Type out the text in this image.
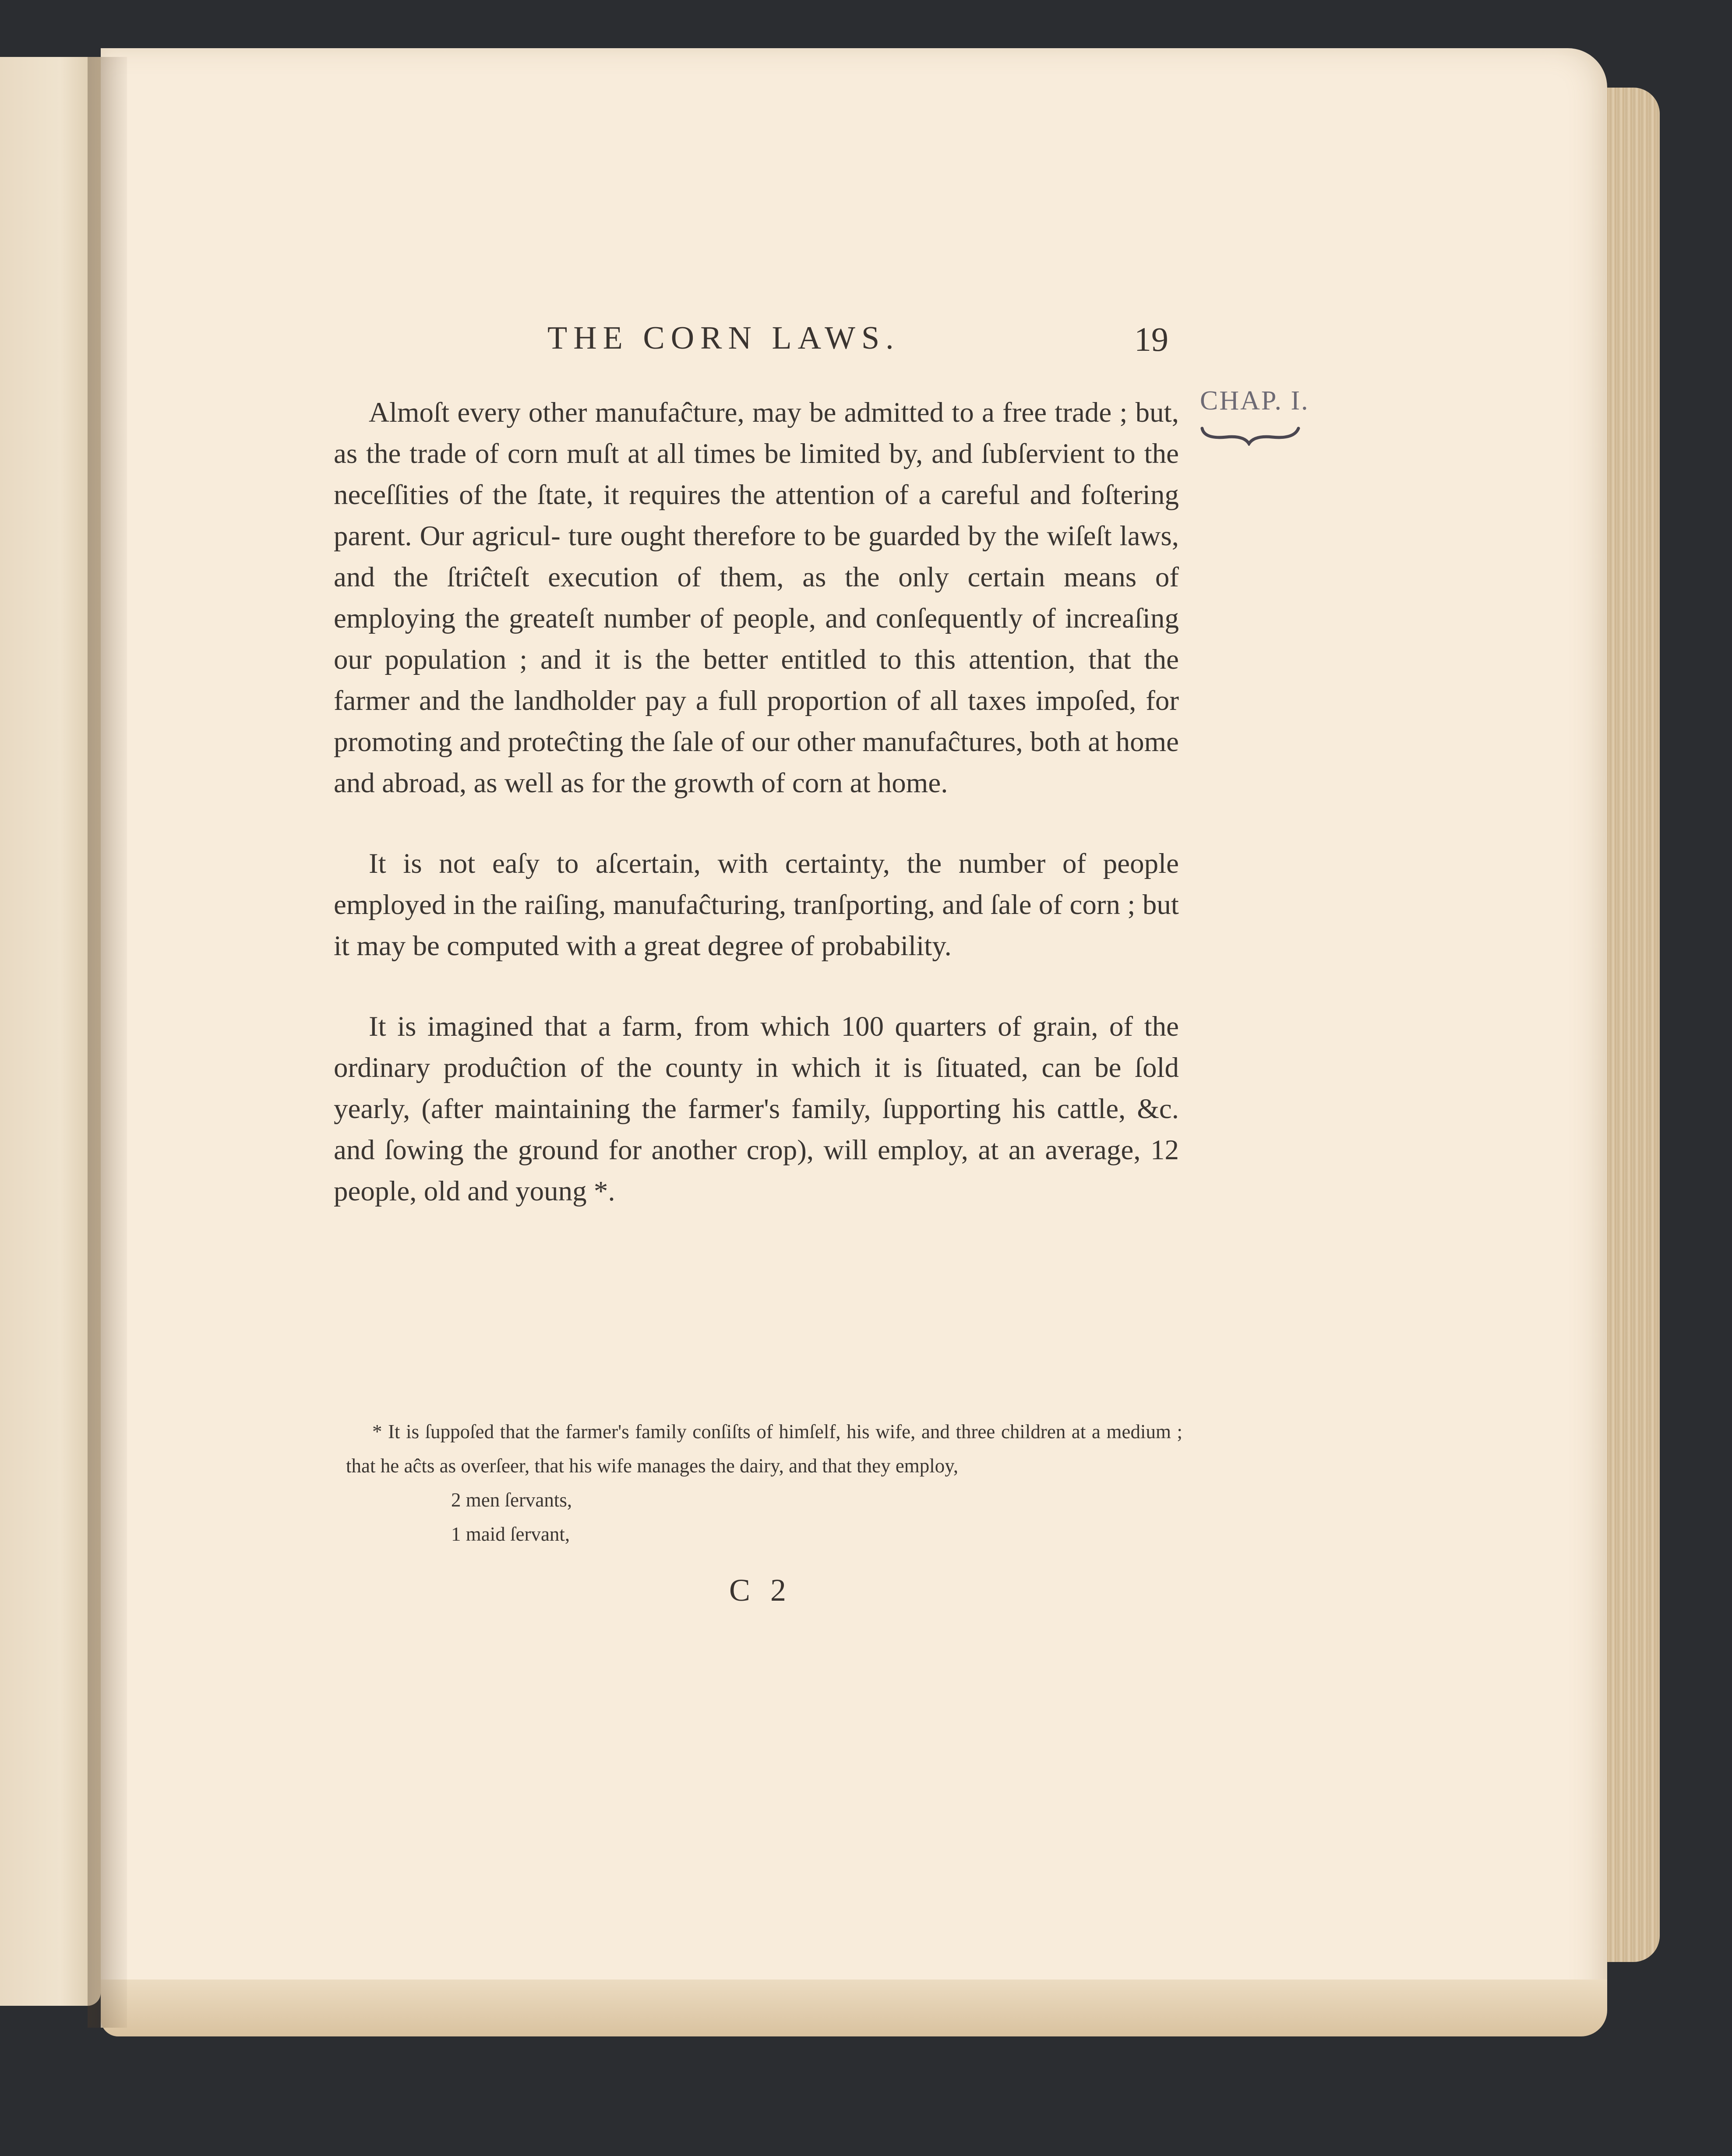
THE CORN LAWS.	19
CHAP. I.

Almoſt every other manufaĉture, may be admitted to a free trade ; but, as the trade of corn muſt at all times be limited by, and ſubſervient to the neceſſities of the ſtate, it requires the attention of a careful and foſtering parent. Our agricul- ture ought therefore to be guarded by the wiſeſt laws, and the ſtriĉteſt execution of them, as the only certain means of employing the greateſt number of people, and conſequently of increaſing our population ; and it is the better entitled to this attention, that the farmer and the landholder pay a full proportion of all taxes impoſed, for promoting and proteĉting the ſale of our other manufaĉtures, both at home and abroad, as well as for the growth of corn at home.

It is not eaſy to aſcertain, with certainty, the number of people employed in the raiſing, manufaĉturing, tranſporting, and ſale of corn ; but it may be computed with a great degree of probability.

It is imagined that a farm, from which 100 quarters of grain, of the ordinary produĉtion of the county in which it is ſituated, can be ſold yearly, (after maintaining the farmer's family, ſupporting his cattle, &c. and ſowing the ground for another crop), will employ, at an average, 12 people, old and young *.

* It is ſuppoſed that the farmer's family conſiſts of himſelf, his wife, and three children at a medium ; that he aĉts as overſeer, that his wife manages the dairy, and that they employ,

2 men ſervants,
1 maid ſervant,
C 2
